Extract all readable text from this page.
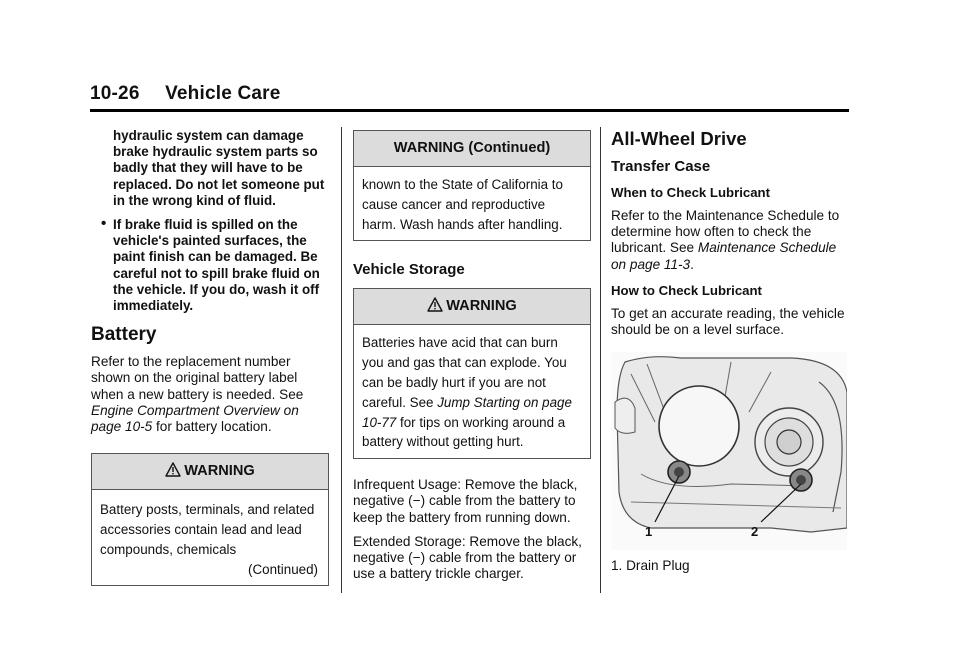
10-26 Vehicle Care

hydraulic system can damage brake hydraulic system parts so badly that they will have to be replaced. Do not let someone put in the wrong kind of fluid.

• If brake fluid is spilled on the vehicle's painted surfaces, the paint finish can be damaged. Be careful not to spill brake fluid on the vehicle. If you do, wash it off immediately.

Battery

Refer to the replacement number shown on the original battery label when a new battery is needed. See Engine Compartment Overview on page 10-5 for battery location.

WARNING

Battery posts, terminals, and related accessories contain lead and lead compounds, chemicals

(Continued)

WARNING (Continued)
known to the State of California to cause cancer and reproductive harm. Wash hands after handling.
Vehicle Storage
WARNING
Batteries have acid that can burn you and gas that can explode. You can be badly hurt if you are not careful. See Jump Starting on page 10-77 for tips on working around a battery without getting hurt.

Infrequent Usage: Remove the black, negative (−) cable from the battery to keep the battery from running down.

Extended Storage: Remove the black, negative (−) cable from the battery or use a battery trickle charger.

All-Wheel Drive
Transfer Case
When to Check Lubricant

Refer to the Maintenance Schedule to determine how often to check the lubricant. See Maintenance Schedule on page 11-3.

How to Check Lubricant

To get an accurate reading, the vehicle should be on a level surface.

1	2

1. Drain Plug
